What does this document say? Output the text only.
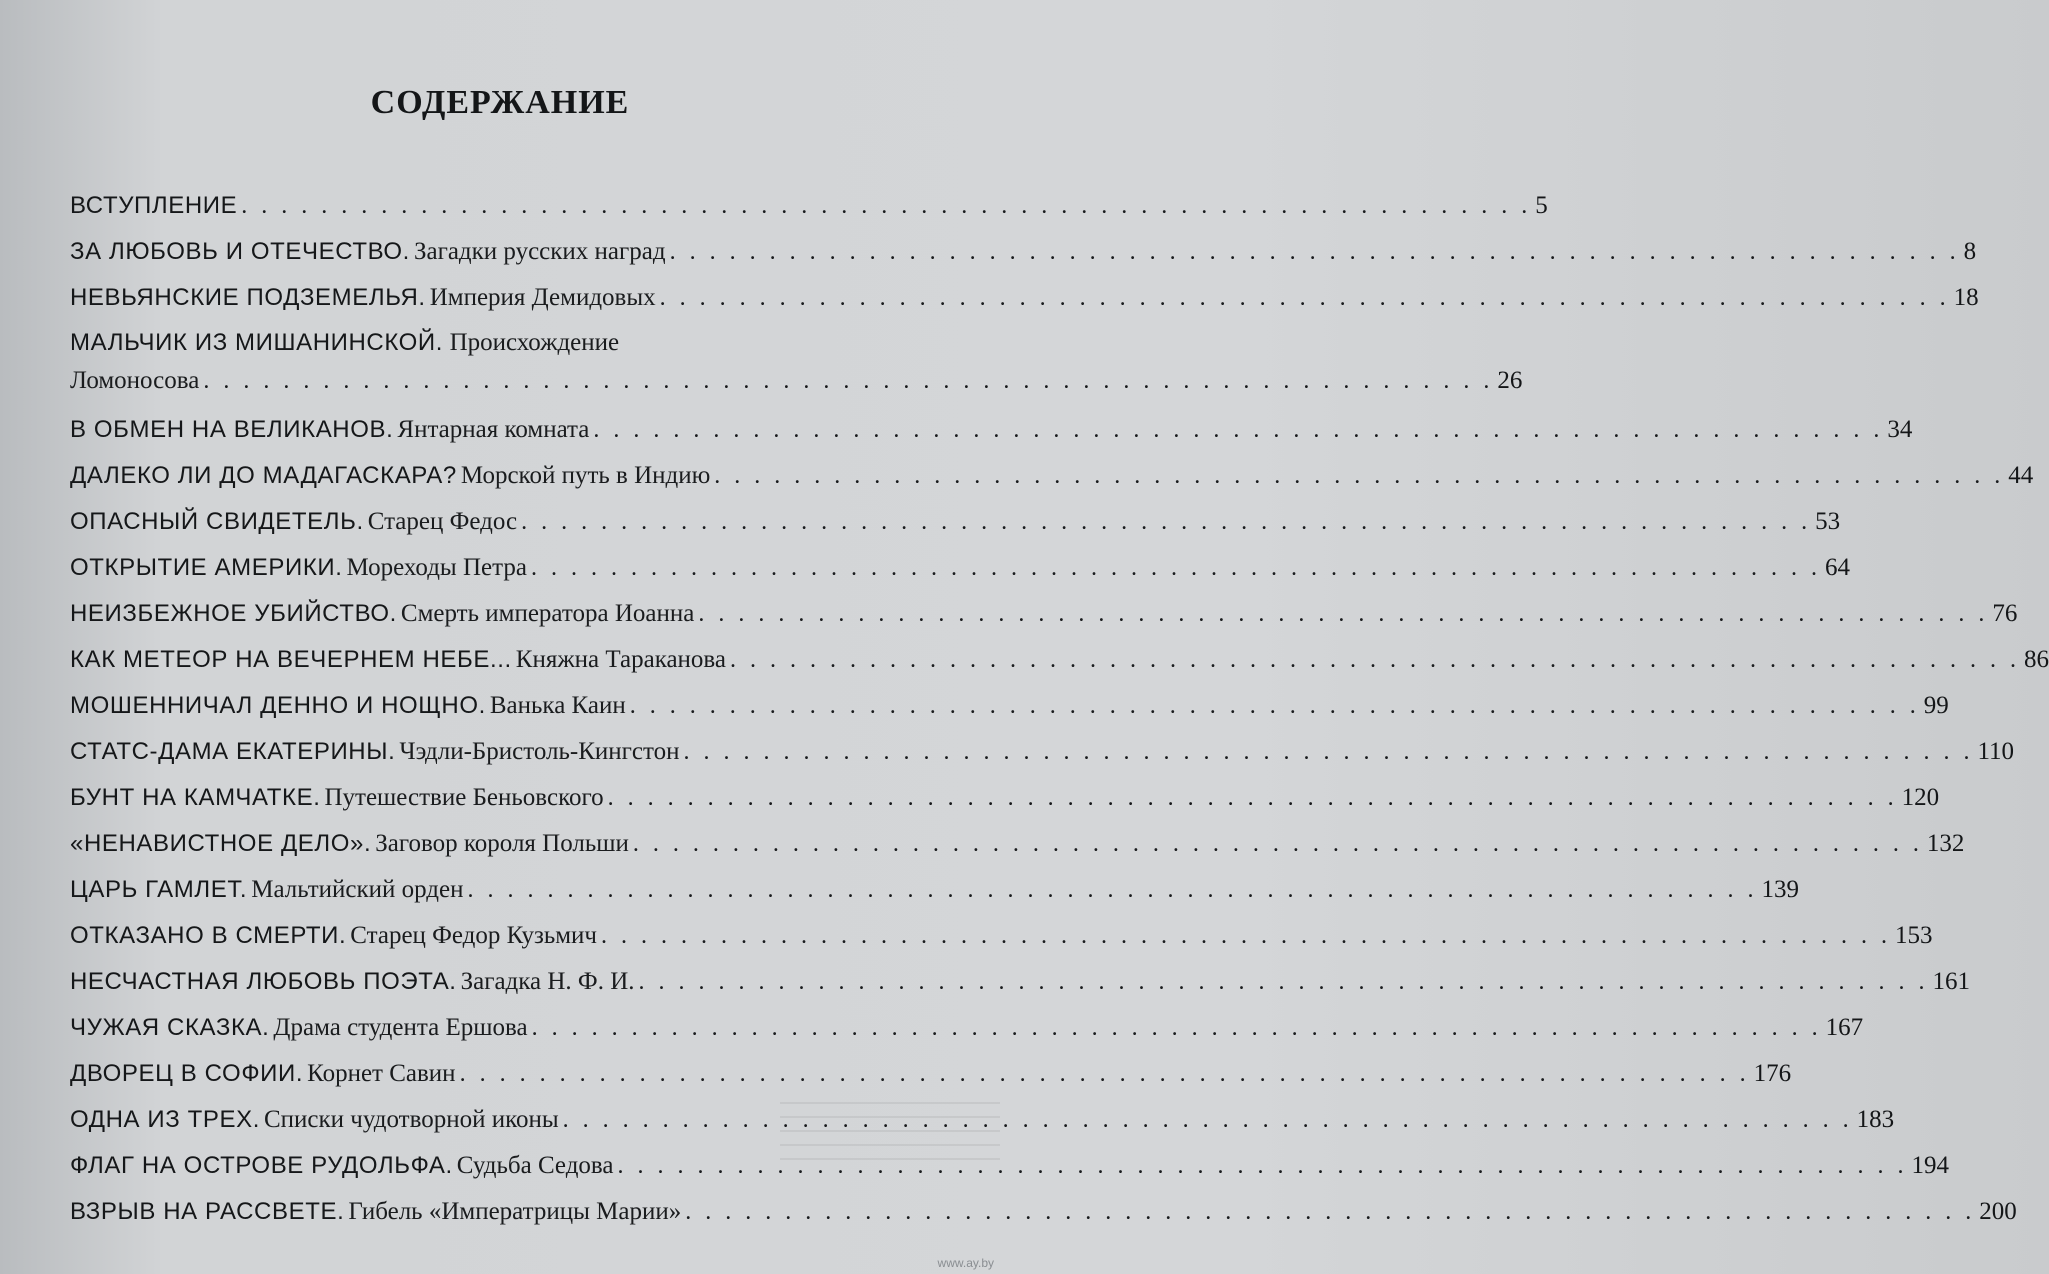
СОДЕРЖАНИЕ
ВСТУПЛЕНИЕ . . . . . . . . . . . . . . . . . . . . . . . . . . . . . . . . . . . . . . . . . . . . . . . . . . . . . . . . . . . . . . . . . 5
ЗА ЛЮБОВЬ И ОТЕЧЕСТВО. Загадки русских наград . . . . . . . . . . . . . . . . . . . . . . . . . . . . . . . . . . . . . . . . . . . . . . . . . . . . . . . . . . . . . . . . . 8
НЕВЬЯНСКИЕ ПОДЗЕМЕЛЬЯ. Империя Демидовых . . . . . . . . . . . . . . . . . . . . . . . . . . . . . . . . . . . . . . . . . . . . . . . . . . . . . . . . . . . . . . . . . 18
МАЛЬЧИК ИЗ МИШАНИНСКОЙ. Происхождение
Ломоносова . . . . . . . . . . . . . . . . . . . . . . . . . . . . . . . . . . . . . . . . . . . . . . . . . . . . . . . . . . . . . . . . . 26
В ОБМЕН НА ВЕЛИКАНОВ. Янтарная комната . . . . . . . . . . . . . . . . . . . . . . . . . . . . . . . . . . . . . . . . . . . . . . . . . . . . . . . . . . . . . . . . . 34
ДАЛЕКО ЛИ ДО МАДАГАСКАРА? Морской путь в Индию . . . . . . . . . . . . . . . . . . . . . . . . . . . . . . . . . . . . . . . . . . . . . . . . . . . . . . . . . . . . . . . . . 44
ОПАСНЫЙ СВИДЕТЕЛЬ. Старец Федос . . . . . . . . . . . . . . . . . . . . . . . . . . . . . . . . . . . . . . . . . . . . . . . . . . . . . . . . . . . . . . . . . 53
ОТКРЫТИЕ АМЕРИКИ. Мореходы Петра . . . . . . . . . . . . . . . . . . . . . . . . . . . . . . . . . . . . . . . . . . . . . . . . . . . . . . . . . . . . . . . . . 64
НЕИЗБЕЖНОЕ УБИЙСТВО. Смерть императора Иоанна . . . . . . . . . . . . . . . . . . . . . . . . . . . . . . . . . . . . . . . . . . . . . . . . . . . . . . . . . . . . . . . . . 76
КАК МЕТЕОР НА ВЕЧЕРНЕМ НЕБЕ... Княжна Тараканова . . . . . . . . . . . . . . . . . . . . . . . . . . . . . . . . . . . . . . . . . . . . . . . . . . . . . . . . . . . . . . . . . 86
МОШЕННИЧАЛ ДЕННО И НОЩНО. Ванька Каин . . . . . . . . . . . . . . . . . . . . . . . . . . . . . . . . . . . . . . . . . . . . . . . . . . . . . . . . . . . . . . . . . 99
СТАТС-ДАМА ЕКАТЕРИНЫ. Чэдли-Бристоль-Кингстон . . . . . . . . . . . . . . . . . . . . . . . . . . . . . . . . . . . . . . . . . . . . . . . . . . . . . . . . . . . . . . . . . 110
БУНТ НА КАМЧАТКЕ. Путешествие Беньовского . . . . . . . . . . . . . . . . . . . . . . . . . . . . . . . . . . . . . . . . . . . . . . . . . . . . . . . . . . . . . . . . . 120
«НЕНАВИСТНОЕ ДЕЛО». Заговор короля Польши . . . . . . . . . . . . . . . . . . . . . . . . . . . . . . . . . . . . . . . . . . . . . . . . . . . . . . . . . . . . . . . . . 132
ЦАРЬ ГАМЛЕТ. Мальтийский орден . . . . . . . . . . . . . . . . . . . . . . . . . . . . . . . . . . . . . . . . . . . . . . . . . . . . . . . . . . . . . . . . . 139
ОТКАЗАНО В СМЕРТИ. Старец Федор Кузьмич . . . . . . . . . . . . . . . . . . . . . . . . . . . . . . . . . . . . . . . . . . . . . . . . . . . . . . . . . . . . . . . . . 153
НЕСЧАСТНАЯ ЛЮБОВЬ ПОЭТА. Загадка Н. Ф. И. . . . . . . . . . . . . . . . . . . . . . . . . . . . . . . . . . . . . . . . . . . . . . . . . . . . . . . . . . . . . . . . . . 161
ЧУЖАЯ СКАЗКА. Драма студента Ершова . . . . . . . . . . . . . . . . . . . . . . . . . . . . . . . . . . . . . . . . . . . . . . . . . . . . . . . . . . . . . . . . . 167
ДВОРЕЦ В СОФИИ. Корнет Савин . . . . . . . . . . . . . . . . . . . . . . . . . . . . . . . . . . . . . . . . . . . . . . . . . . . . . . . . . . . . . . . . . 176
ОДНА ИЗ ТРЕХ. Списки чудотворной иконы . . . . . . . . . . . . . . . . . . . . . . . . . . . . . . . . . . . . . . . . . . . . . . . . . . . . . . . . . . . . . . . . . 183
ФЛАГ НА ОСТРОВЕ РУДОЛЬФА. Судьба Седова . . . . . . . . . . . . . . . . . . . . . . . . . . . . . . . . . . . . . . . . . . . . . . . . . . . . . . . . . . . . . . . . . 194
ВЗРЫВ НА РАССВЕТЕ. Гибель «Императрицы Марии» . . . . . . . . . . . . . . . . . . . . . . . . . . . . . . . . . . . . . . . . . . . . . . . . . . . . . . . . . . . . . . . . . 200
www.ay.by
